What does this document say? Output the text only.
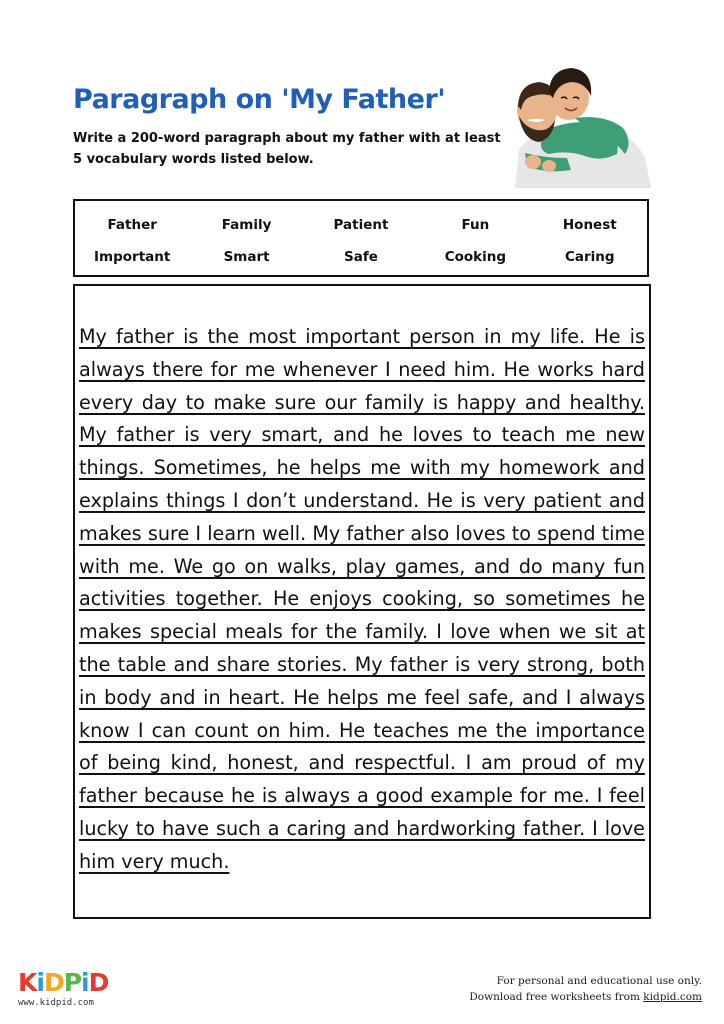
Paragraph on 'My Father'

Write a 200-word paragraph about my father with at least 5 vocabulary words listed below.

Father	Family	Patient	Fun	Honest
Important	Smart	Safe	Cooking	Caring

My father is the most important person in my life. He is always there for me whenever I need him. He works hard every day to make sure our family is happy and healthy. My father is very smart, and he loves to teach me new things. Sometimes, he helps me with my homework and explains things I don’t understand. He is very patient and makes sure I learn well. My father also loves to spend time with me. We go on walks, play games, and do many fun activities together. He enjoys cooking, so sometimes he makes special meals for the family. I love when we sit at the table and share stories. My father is very strong, both in body and in heart. He helps me feel safe, and I always know I can count on him. He teaches me the importance of being kind, honest, and respectful. I am proud of my father because he is always a good example for me. I feel lucky to have such a caring and hardworking father. I love him very much.

KiDPiD
www.kidpid.com
For personal and educational use only.
Download free worksheets from kidpid.com
